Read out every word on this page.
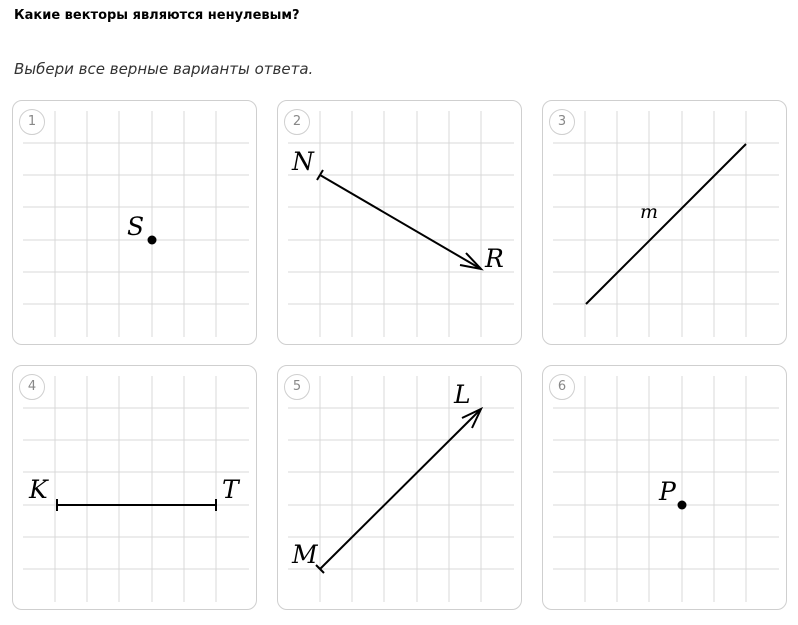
Какие векторы являются ненулевым?
Выбери все верные варианты ответа.
S
1
N
R
2
m
3
K	T
4
M
L
5
P
6
